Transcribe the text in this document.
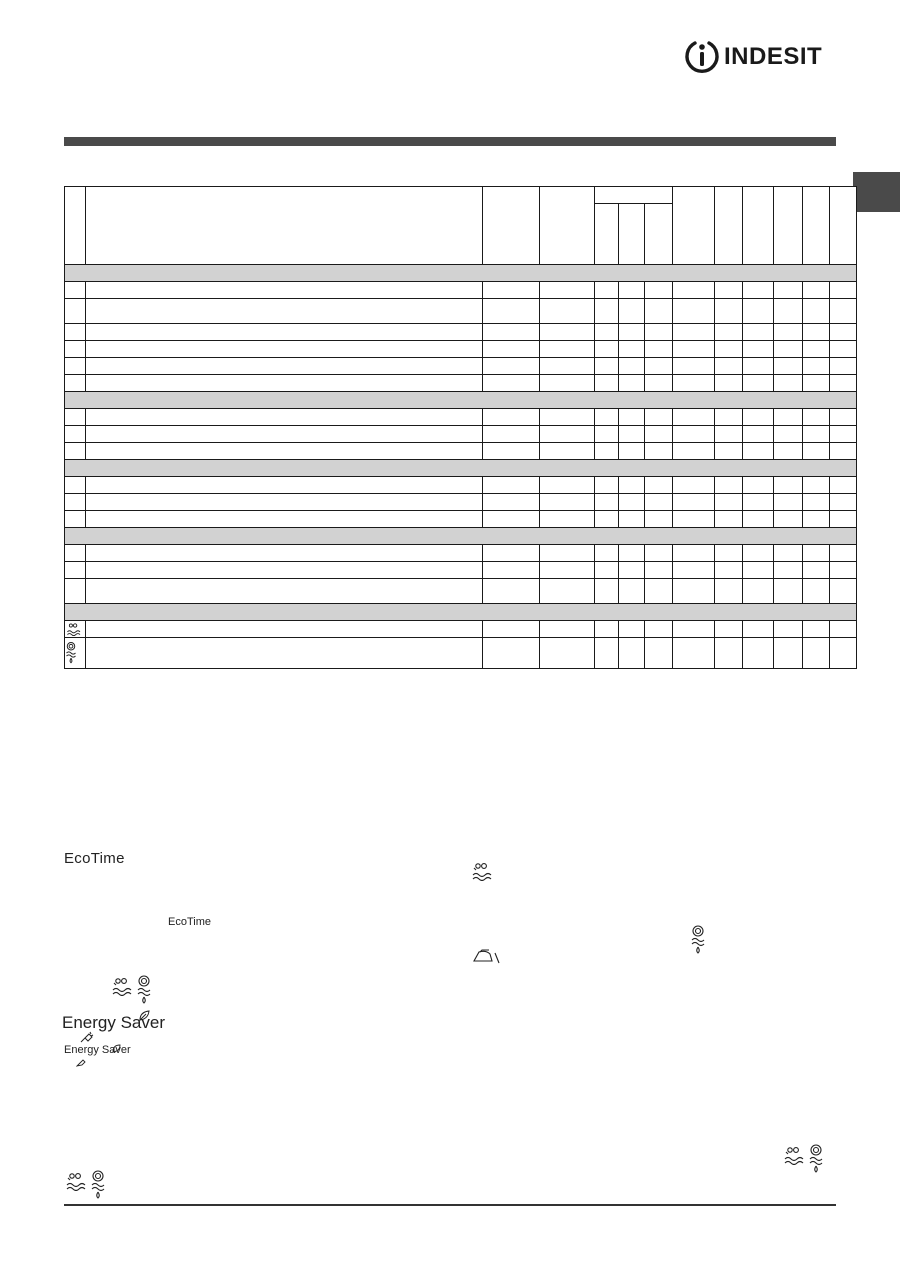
INDESIT

EcoTime
EcoTime
Energy Saver
Energy Saver
